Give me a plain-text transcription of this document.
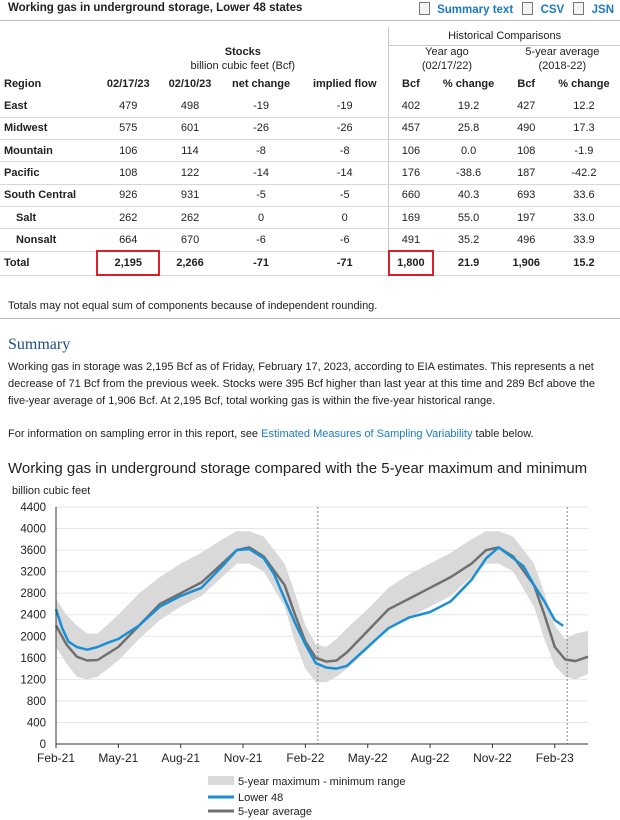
Working gas in underground storage, Lower 48 states	Summary text CSV JSN
					Historical Comparisons			
	Stocks				Year ago		5-year average	
	billion cubic feet (Bcf)				(02/17/22)		(2018-22)	
Region	02/17/23	02/10/23	net change	implied flow	Bcf	% change	Bcf	% change
East	479	498	-19	-19	402	19.2	427	12.2
Midwest	575	601	-26	-26	457	25.8	490	17.3
Mountain	106	114	-8	-8	106	0.0	108	-1.9
Pacific	108	122	-14	-14	176	-38.6	187	-42.2
South Central	926	931	-5	-5	660	40.3	693	33.6
Salt	262	262	0	0	169	55.0	197	33.0
Nonsalt	664	670	-6	-6	491	35.2	496	33.9
Total	2,195	2,266	-71	-71	1,800	21.9	1,906	15.2
Totals may not equal sum of components because of independent rounding.
Summary
Working gas in storage was 2,195 Bcf as of Friday, February 17, 2023, according to EIA estimates. This represents a net decrease of 71 Bcf from the previous week. Stocks were 395 Bcf higher than last year at this time and 289 Bcf above the five-year average of 1,906 Bcf. At 2,195 Bcf, total working gas is within the five-year historical range.
For information on sampling error in this report, see Estimated Measures of Sampling Variability table below.
Working gas in underground storage compared with the 5-year maximum and minimum
billion cubic feet
0
400
800
1200
1600
2000
2400
2800
3200
3600
4000
4400
Feb-21 May-21 Aug-21 Nov-21 Feb-22 May-22 Aug-22 Nov-22 Feb-23
5-year maximum - minimum range
Lower 48
5-year average
